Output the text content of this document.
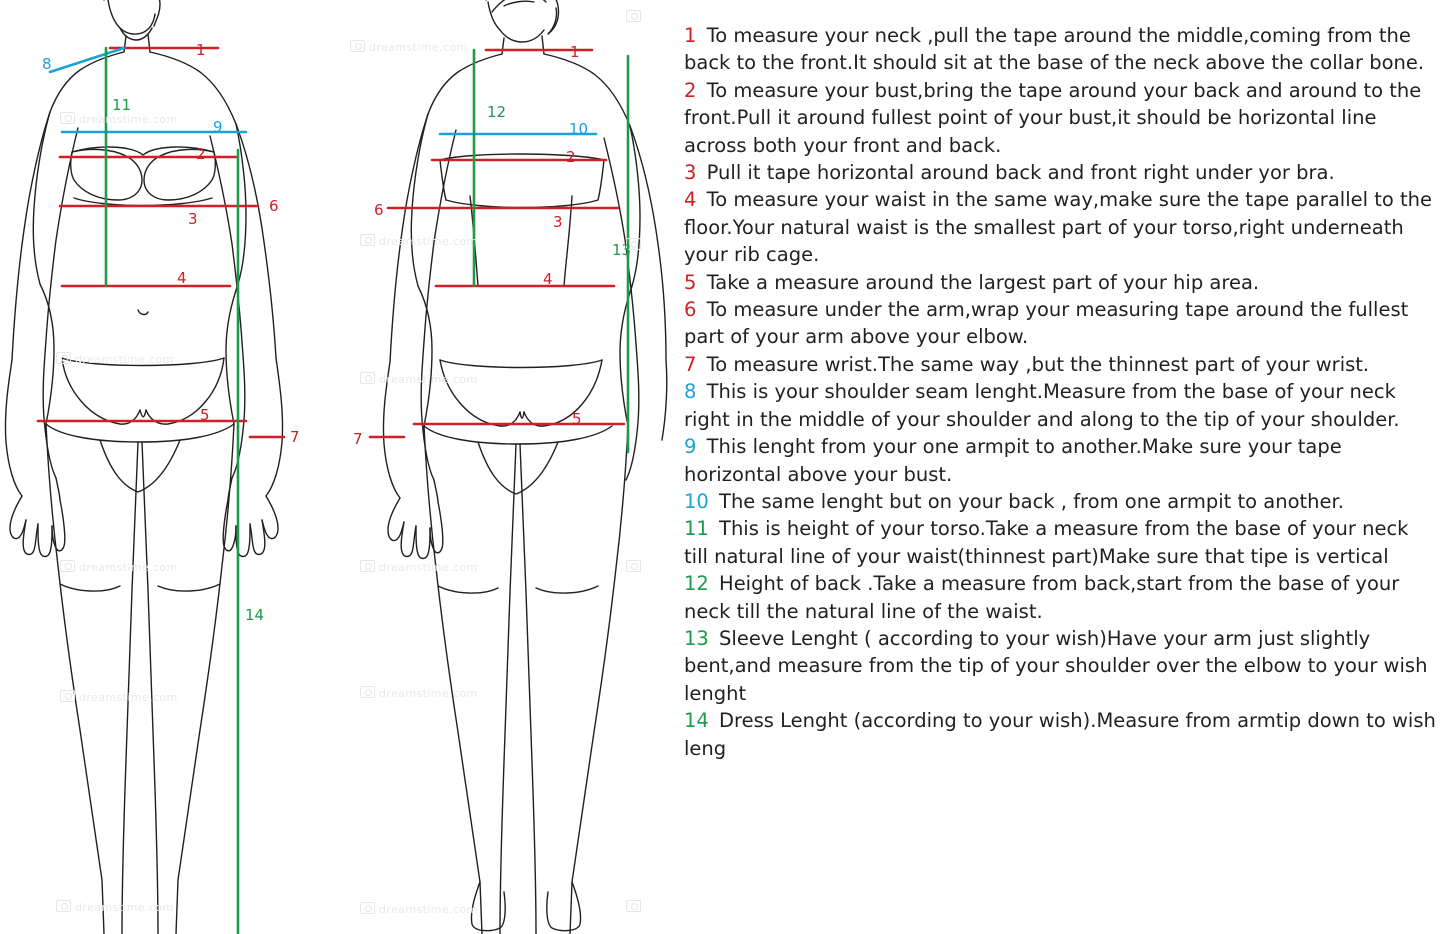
dreamstime.com
dreamstime.com
dreamstime.com
dreamstime.com
dreamstime.com
dreamstime.com	dreamstime.com
dreamstime.com	dreamstime.com
dreamstime.com	dreamstime.com
1
8
11
9
2
3
6
4
5
7
14
1
12
10
2
6
3
13
4
5
7

1 To measure your neck ,pull the tape around the middle,coming from the back to the front.It should sit at the base of the neck above the collar bone.

2 To measure your bust,bring the tape around your back and around to the front.Pull it around fullest point of your bust,it should be horizontal line across both your front and back.

3 Pull it tape horizontal around back and front right under yor bra.

4 To measure your waist in the same way,make sure the tape parallel to the floor.Your natural waist is the smallest part of your torso,right underneath your rib cage.

5 Take a measure around the largest part of your hip area.

6 To measure under the arm,wrap your measuring tape around the fullest part of your arm above your elbow.

7 To measure wrist.The same way ,but the thinnest part of your wrist.

8 This is your shoulder seam lenght.Measure from the base of your neck right in the middle of your shoulder and along to the tip of your shoulder.

9 This lenght from your one armpit to another.Make sure your tape horizontal above your bust.

10 The same lenght but on your back , from one armpit to another.

11 This is height of your torso.Take a measure from the base of your neck till natural line of your waist(thinnest part)Make sure that tipe is vertical

12 Height of back .Take a measure from back,start from the base of your neck till the natural line of the waist.

13 Sleeve Lenght ( according to your wish)Have your arm just slightly bent,and measure from the tip of your shoulder over the elbow to your wish lenght

14 Dress Lenght (according to your wish).Measure from armtip down to wish leng
